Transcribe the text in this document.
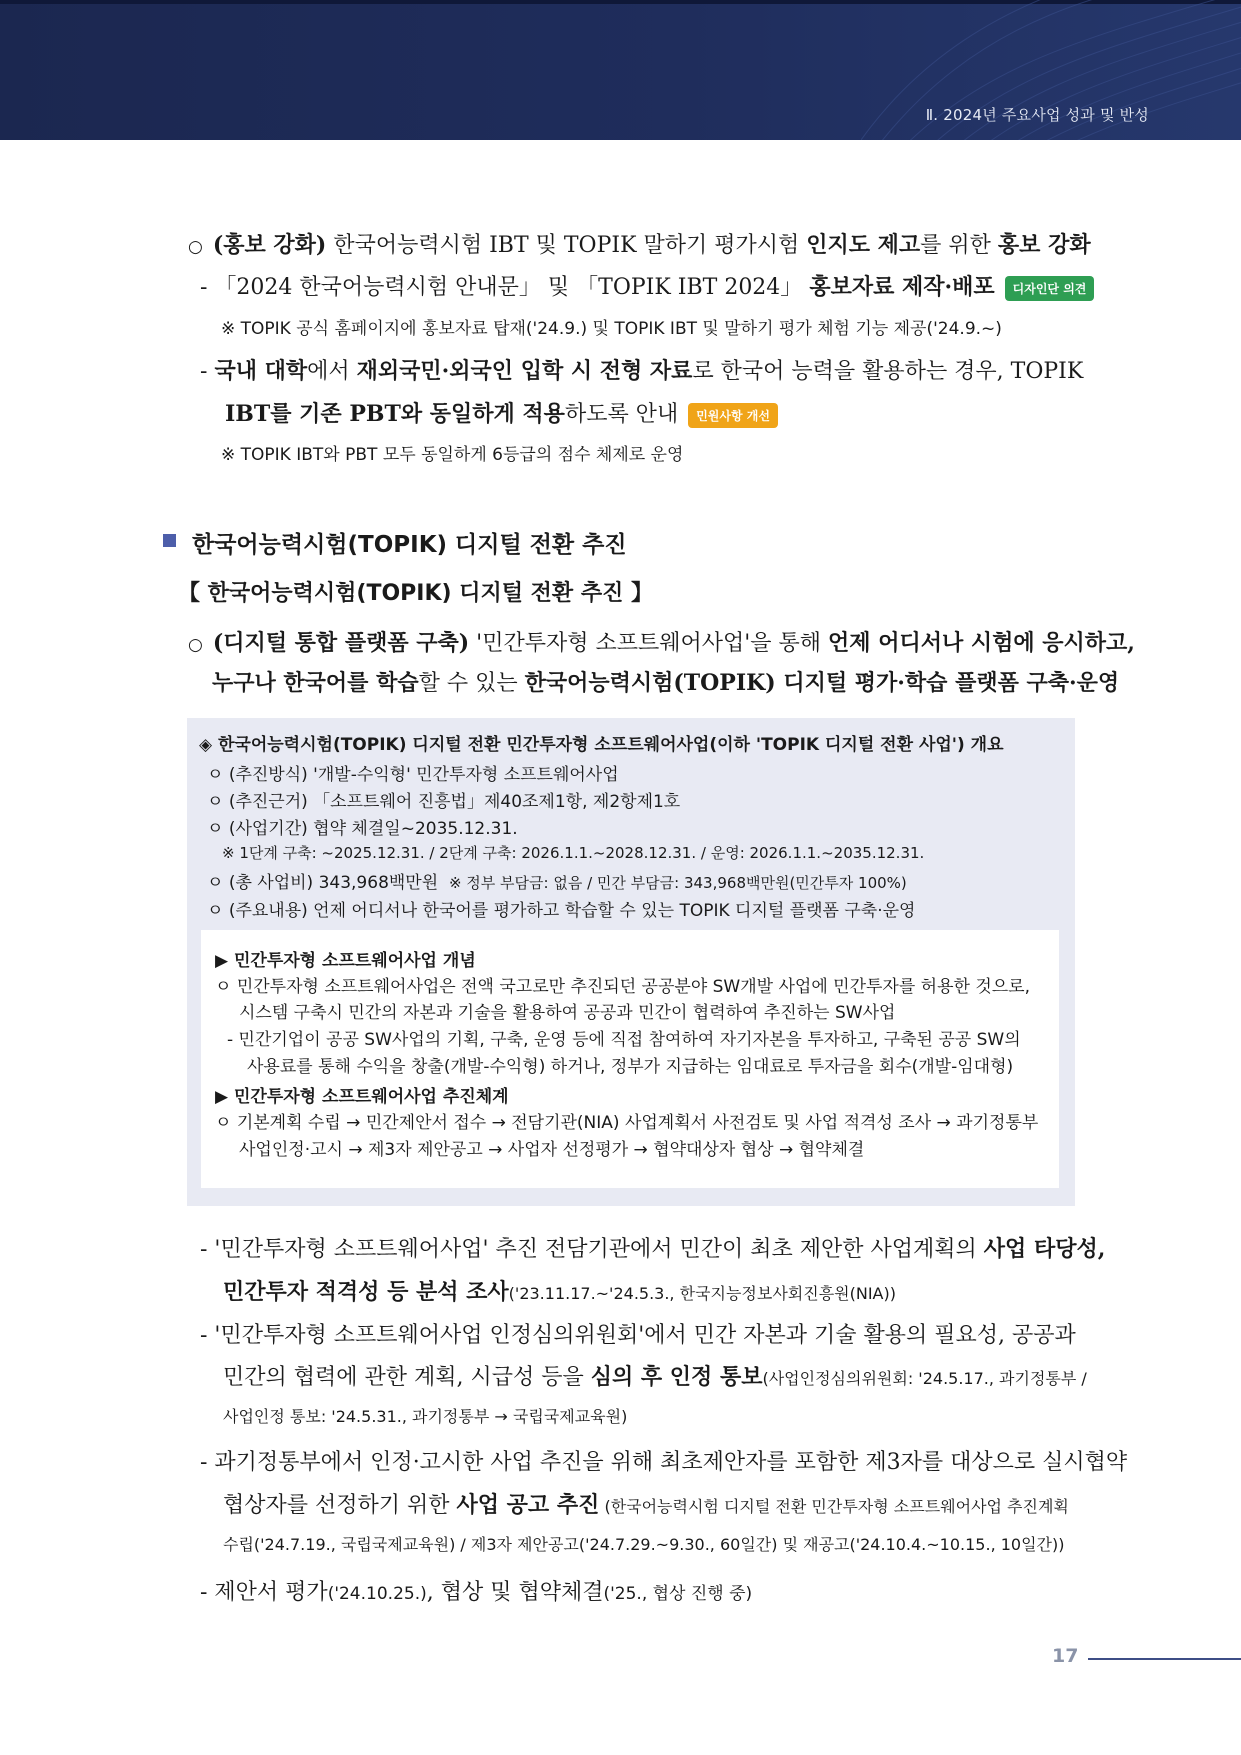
Ⅱ. 2024년 주요사업 성과 및 반성
○ (홍보 강화) 한국어능력시험 IBT 및 TOPIK 말하기 평가시험 인지도 제고를 위한 홍보 강화
- 「2024 한국어능력시험 안내문」 및 「TOPIK IBT 2024」 홍보자료 제작·배포 디자인단 의견
※ TOPIK 공식 홈페이지에 홍보자료 탑재('24.9.) 및 TOPIK IBT 및 말하기 평가 체험 기능 제공('24.9.~)
- 국내 대학에서 재외국민·외국인 입학 시 전형 자료로 한국어 능력을 활용하는 경우, TOPIK
IBT를 기존 PBT와 동일하게 적용하도록 안내 민원사항 개선
※ TOPIK IBT와 PBT 모두 동일하게 6등급의 점수 체제로 운영
한국어능력시험(TOPIK) 디지털 전환 추진
【 한국어능력시험(TOPIK) 디지털 전환 추진 】
○ (디지털 통합 플랫폼 구축) '민간투자형 소프트웨어사업'을 통해 언제 어디서나 시험에 응시하고,
누구나 한국어를 학습할 수 있는 한국어능력시험(TOPIK) 디지털 평가·학습 플랫폼 구축·운영
◈ 한국어능력시험(TOPIK) 디지털 전환 민간투자형 소프트웨어사업(이하 'TOPIK 디지털 전환 사업') 개요
ㅇ (추진방식) '개발-수익형' 민간투자형 소프트웨어사업
ㅇ (추진근거) 「소프트웨어 진흥법」제40조제1항, 제2항제1호
ㅇ (사업기간) 협약 체결일~2035.12.31.
※ 1단계 구축: ~2025.12.31. / 2단계 구축: 2026.1.1.~2028.12.31. / 운영: 2026.1.1.~2035.12.31.
ㅇ (총 사업비) 343,968백만원 ※ 정부 부담금: 없음 / 민간 부담금: 343,968백만원(민간투자 100%)
ㅇ (주요내용) 언제 어디서나 한국어를 평가하고 학습할 수 있는 TOPIK 디지털 플랫폼 구축·운영
▶ 민간투자형 소프트웨어사업 개념
ㅇ 민간투자형 소프트웨어사업은 전액 국고로만 추진되던 공공분야 SW개발 사업에 민간투자를 허용한 것으로,
시스템 구축시 민간의 자본과 기술을 활용하여 공공과 민간이 협력하여 추진하는 SW사업
- 민간기업이 공공 SW사업의 기획, 구축, 운영 등에 직접 참여하여 자기자본을 투자하고, 구축된 공공 SW의
사용료를 통해 수익을 창출(개발-수익형) 하거나, 정부가 지급하는 임대료로 투자금을 회수(개발-임대형)
▶ 민간투자형 소프트웨어사업 추진체계
ㅇ 기본계획 수립 → 민간제안서 접수 → 전담기관(NIA) 사업계획서 사전검토 및 사업 적격성 조사 → 과기정통부
사업인정·고시 → 제3자 제안공고 → 사업자 선정평가 → 협약대상자 협상 → 협약체결
- '민간투자형 소프트웨어사업' 추진 전담기관에서 민간이 최초 제안한 사업계획의 사업 타당성,
민간투자 적격성 등 분석 조사('23.11.17.~'24.5.3., 한국지능정보사회진흥원(NIA))
- '민간투자형 소프트웨어사업 인정심의위원회'에서 민간 자본과 기술 활용의 필요성, 공공과
민간의 협력에 관한 계획, 시급성 등을 심의 후 인정 통보(사업인정심의위원회: '24.5.17., 과기정통부 /
사업인정 통보: '24.5.31., 과기정통부 → 국립국제교육원)
- 과기정통부에서 인정·고시한 사업 추진을 위해 최초제안자를 포함한 제3자를 대상으로 실시협약
협상자를 선정하기 위한 사업 공고 추진 (한국어능력시험 디지털 전환 민간투자형 소프트웨어사업 추진계획
수립('24.7.19., 국립국제교육원) / 제3자 제안공고('24.7.29.~9.30., 60일간) 및 재공고('24.10.4.~10.15., 10일간))
- 제안서 평가('24.10.25.), 협상 및 협약체결('25., 협상 진행 중)
17
